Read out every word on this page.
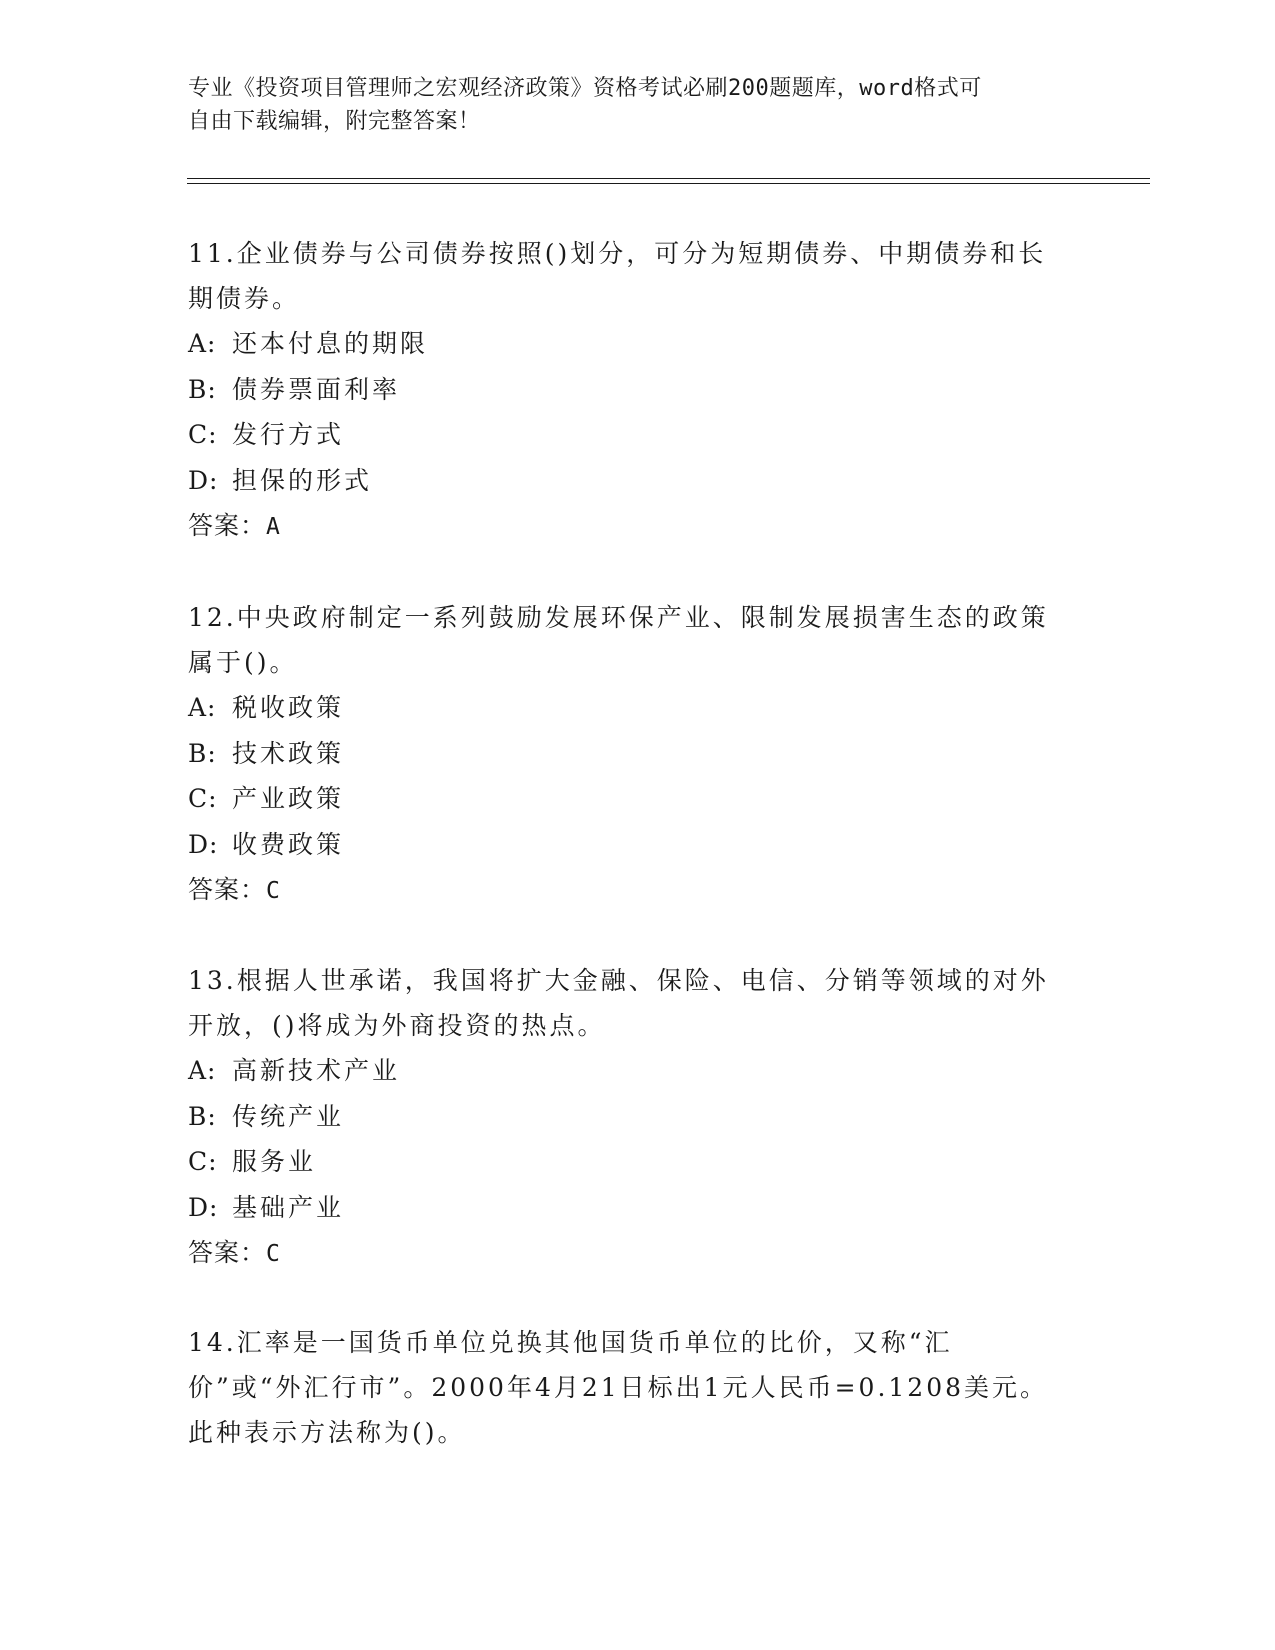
专业《投资项目管理师之宏观经济政策》资格考试必刷200题题库，word格式可
自由下载编辑，附完整答案！

11.企业债券与公司债券按照()划分，可分为短期债券、中期债券和长期债券。

A: 还本付息的期限

B: 债券票面利率

C: 发行方式

D: 担保的形式

答案：A

12.中央政府制定一系列鼓励发展环保产业、限制发展损害生态的政策属于()。

A: 税收政策

B: 技术政策

C: 产业政策

D: 收费政策

答案：C

13.根据人世承诺，我国将扩大金融、保险、电信、分销等领域的对外开放，()将成为外商投资的热点。

A: 高新技术产业

B: 传统产业

C: 服务业

D: 基础产业

答案：C

14.汇率是一国货币单位兑换其他国货币单位的比价，又称“汇价”或“外汇行市”。2000年4月21日标出1元人民币=0.1208美元。此种表示方法称为()。
